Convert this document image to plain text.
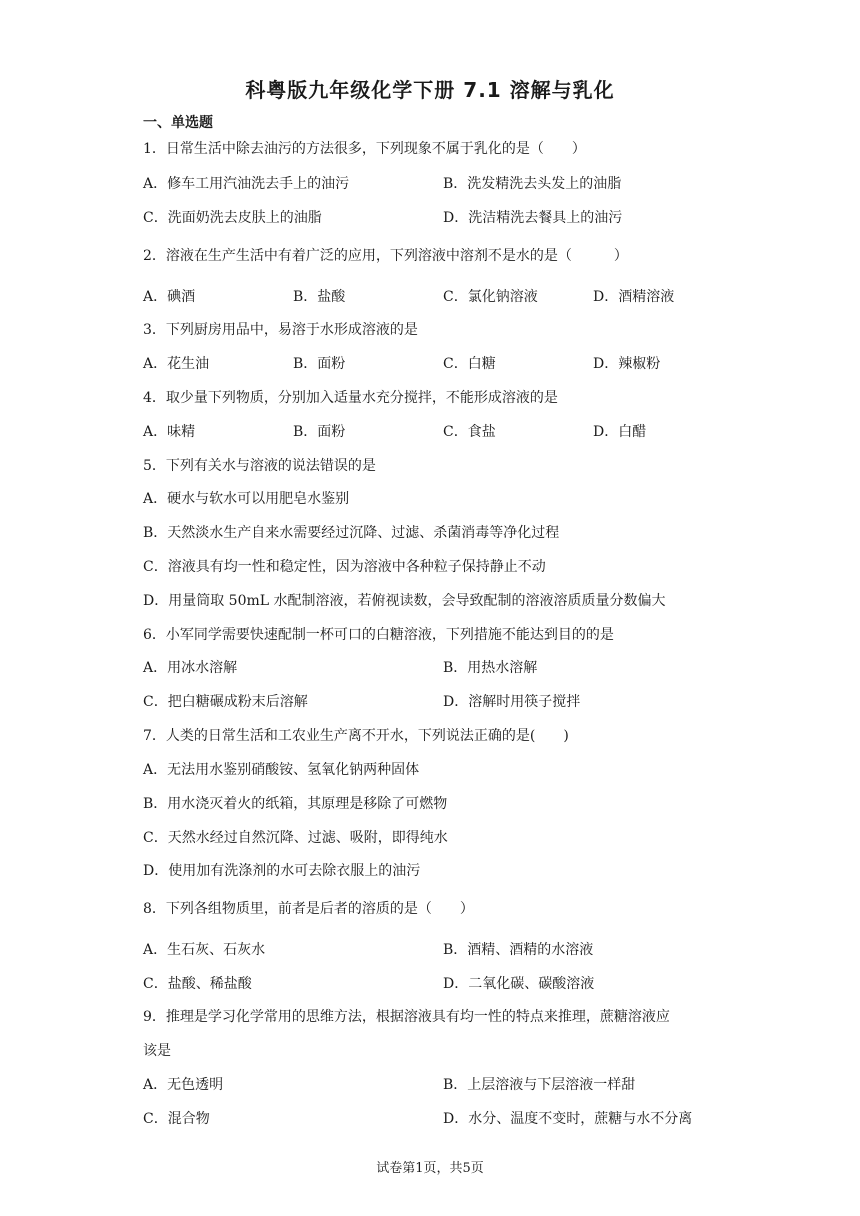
科粤版九年级化学下册 7.1 溶解与乳化
一、单选题
1．日常生活中除去油污的方法很多，下列现象不属于乳化的是（　　）
A．修车工用汽油洗去手上的油污	B．洗发精洗去头发上的油脂
C．洗面奶洗去皮肤上的油脂	D．洗洁精洗去餐具上的油污
2．溶液在生产生活中有着广泛的应用，下列溶液中溶剂不是水的是（　　　）
A．碘酒	B．盐酸	C．氯化钠溶液	D．酒精溶液
3．下列厨房用品中，易溶于水形成溶液的是
A．花生油	B．面粉	C．白糖	D．辣椒粉
4．取少量下列物质，分别加入适量水充分搅拌，不能形成溶液的是
A．味精	B．面粉	C．食盐	D．白醋
5．下列有关水与溶液的说法错误的是
A．硬水与软水可以用肥皂水鉴别
B．天然淡水生产自来水需要经过沉降、过滤、杀菌消毒等净化过程
C．溶液具有均一性和稳定性，因为溶液中各种粒子保持静止不动
D．用量筒取 50mL 水配制溶液，若俯视读数，会导致配制的溶液溶质质量分数偏大
6．小军同学需要快速配制一杯可口的白糖溶液，下列措施不能达到目的的是
A．用冰水溶解	B．用热水溶解
C．把白糖碾成粉末后溶解	D．溶解时用筷子搅拌
7．人类的日常生活和工农业生产离不开水，下列说法正确的是(　　)
A．无法用水鉴别硝酸铵、氢氧化钠两种固体
B．用水浇灭着火的纸箱，其原理是移除了可燃物
C．天然水经过自然沉降、过滤、吸附，即得纯水
D．使用加有洗涤剂的水可去除衣服上的油污
8．下列各组物质里，前者是后者的溶质的是（　　）
A．生石灰、石灰水	B．酒精、酒精的水溶液
C．盐酸、稀盐酸	D．二氧化碳、碳酸溶液
9．推理是学习化学常用的思维方法，根据溶液具有均一性的特点来推理，蔗糖溶液应
该是
A．无色透明	B．上层溶液与下层溶液一样甜
C．混合物	D．水分、温度不变时，蔗糖与水不分离
试卷第1页，共5页
